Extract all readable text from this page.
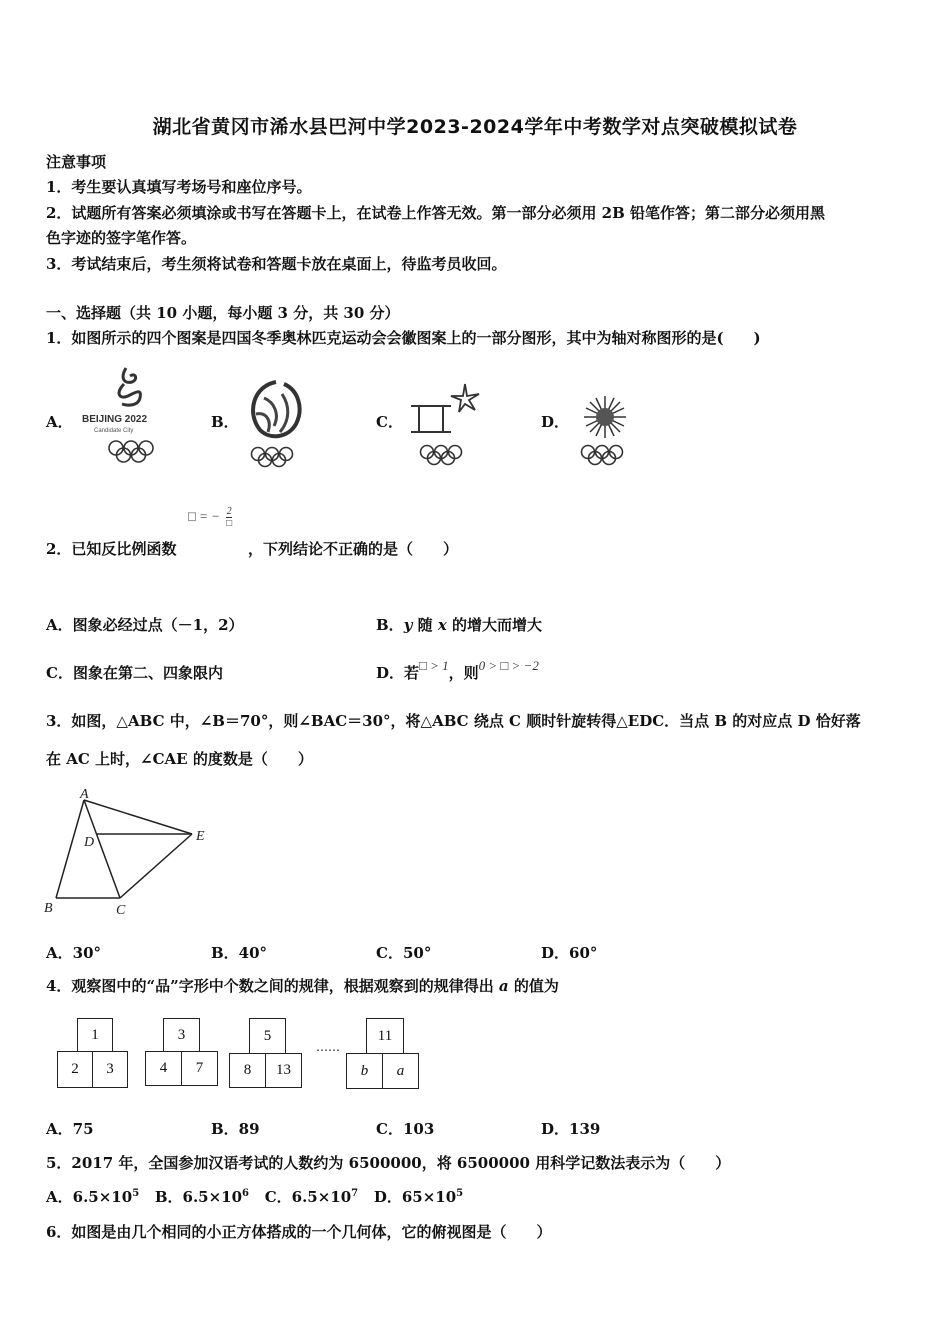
湖北省黄冈市浠水县巴河中学2023-2024学年中考数学对点突破模拟试卷
注意事项
1．考生要认真填写考场号和座位序号。
2．试题所有答案必须填涂或书写在答题卡上，在试卷上作答无效。第一部分必须用 2B 铅笔作答；第二部分必须用黑
色字迹的签字笔作答。
3．考试结束后，考生须将试卷和答题卡放在桌面上，待监考员收回。
一、选择题（共 10 小题，每小题 3 分，共 30 分）
1．如图所示的四个图案是四国冬季奥林匹克运动会会徽图案上的一部分图形，其中为轴对称图形的是(　　)
A．	B．	C．	D．
BEIJING 2022
Candidate City
□ = − 2
□
2．已知反比例函数	，下列结论不正确的是（　　）
A．图象必经过点（－1，2）	B．y 随 x 的增大而增大
C．图象在第二、四象限内	D．若□ > 1，则0 > □ > −2
3．如图，△ABC 中，∠B＝70°，则∠BAC＝30°，将△ABC 绕点 C 顺时针旋转得△EDC．当点 B 的对应点 D 恰好落
在 AC 上时，∠CAE 的度数是（　　）
A
D	E
B	C
A．30°	B．40°	C．50°	D．60°
4．观察图中的“品”字形中个数之间的规律，根据观察到的规律得出 a 的值为
1
2	3
3
4	7
5
8	13
……
11
b	a
A．75	B．89	C．103	D．139
5．2017 年，全国参加汉语考试的人数约为 6500000，将 6500000 用科学记数法表示为（　　）
A．$6.5\times 10^5$ B．$6.5\times 10^6$ C．$6.5\times 10^7$ D．$65\times 10^5$
6．如图是由几个相同的小正方体搭成的一个几何体，它的俯视图是（　　）
